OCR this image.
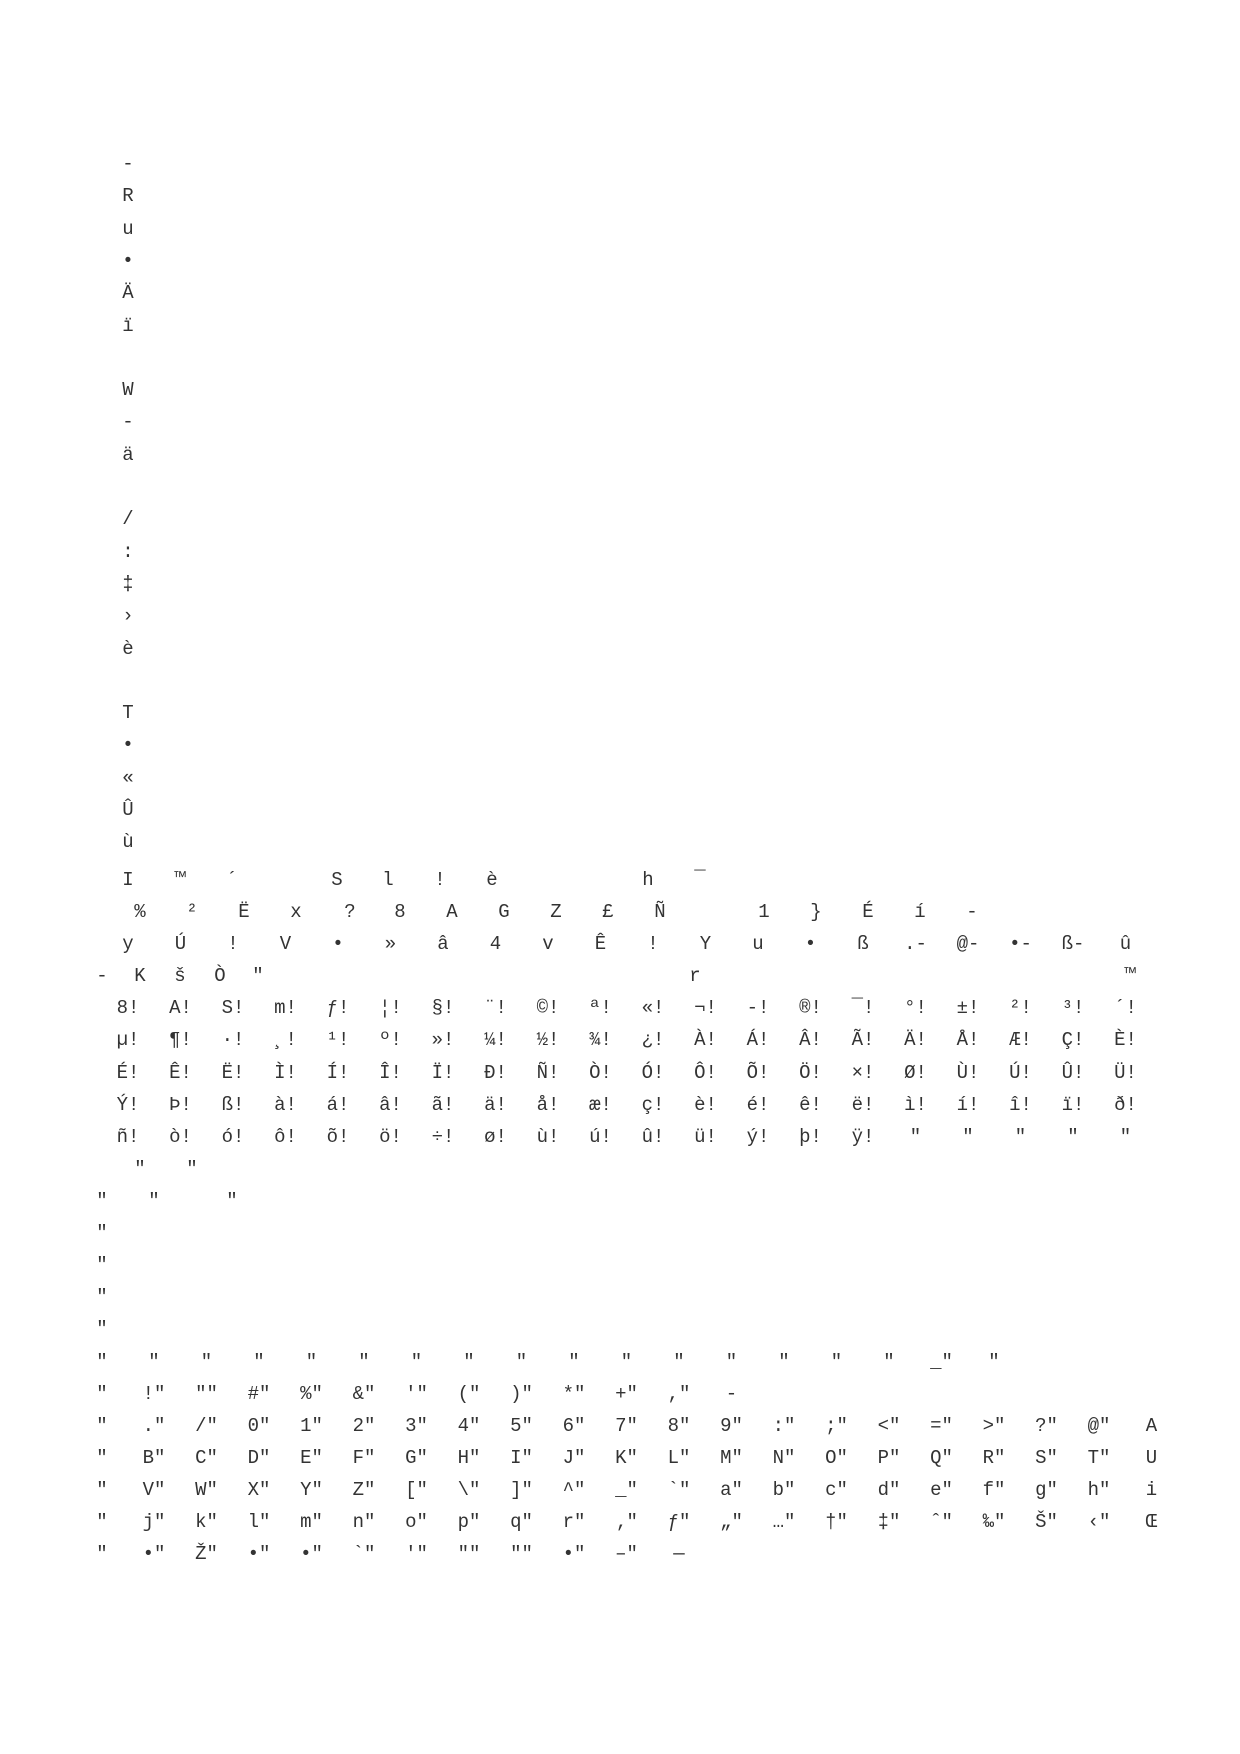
-
R
u
•
Ä
ï
W
-
ä
/
:
‡
›
è
T
•
«
Û
ù
I ™ ´	S l ! è	h ¯
% ² Ë x ? 8 A G Z £ Ñ	1 } É í -
y Ú ! V • » â 4 v Ê ! Y u • ß .- @- •- ß- û
- K š Ò "	r	™
8! A! S! m! ƒ! ¦! §! ¨! ©! ª! «! ¬! -! ®! ¯! °! ±! ²! ³! ´!
µ! ¶! ·! ¸! ¹! º! »! ¼! ½! ¾! ¿! À! Á! Â! Ã! Ä! Å! Æ! Ç! È!
É! Ê! Ë! Ì! Í! Î! Ï! Ð! Ñ! Ò! Ó! Ô! Õ! Ö! ×! Ø! Ù! Ú! Û! Ü!
Ý! Þ! ß! à! á! â! ã! ä! å! æ! ç! è! é! ê! ë! ì! í! î! ï! ð!
ñ! ò! ó! ô! õ! ö! ÷! ø! ù! ú! û! ü! ý! þ! ÿ! " " " " "
" "
" "	"
"
"
"
"
" " " " " " " " " " " " " " " " _" "
" !" "" #" %" &" '" (" )" *" +" ," -
" ." /" 0" 1" 2" 3" 4" 5" 6" 7" 8" 9" :" ;" <" =" >" ?" @" A
" B" C" D" E" F" G" H" I" J" K" L" M" N" O" P" Q" R" S" T" U
" V" W" X" Y" Z" [" \" ]" ^" _" `" a" b" c" d" e" f" g" h" i
" j" k" l" m" n" o" p" q" r" ‚" ƒ" „" …" †" ‡" ˆ" ‰" Š" ‹" Œ
" •" Ž" •" •" `" '" "" "" •" –" —
